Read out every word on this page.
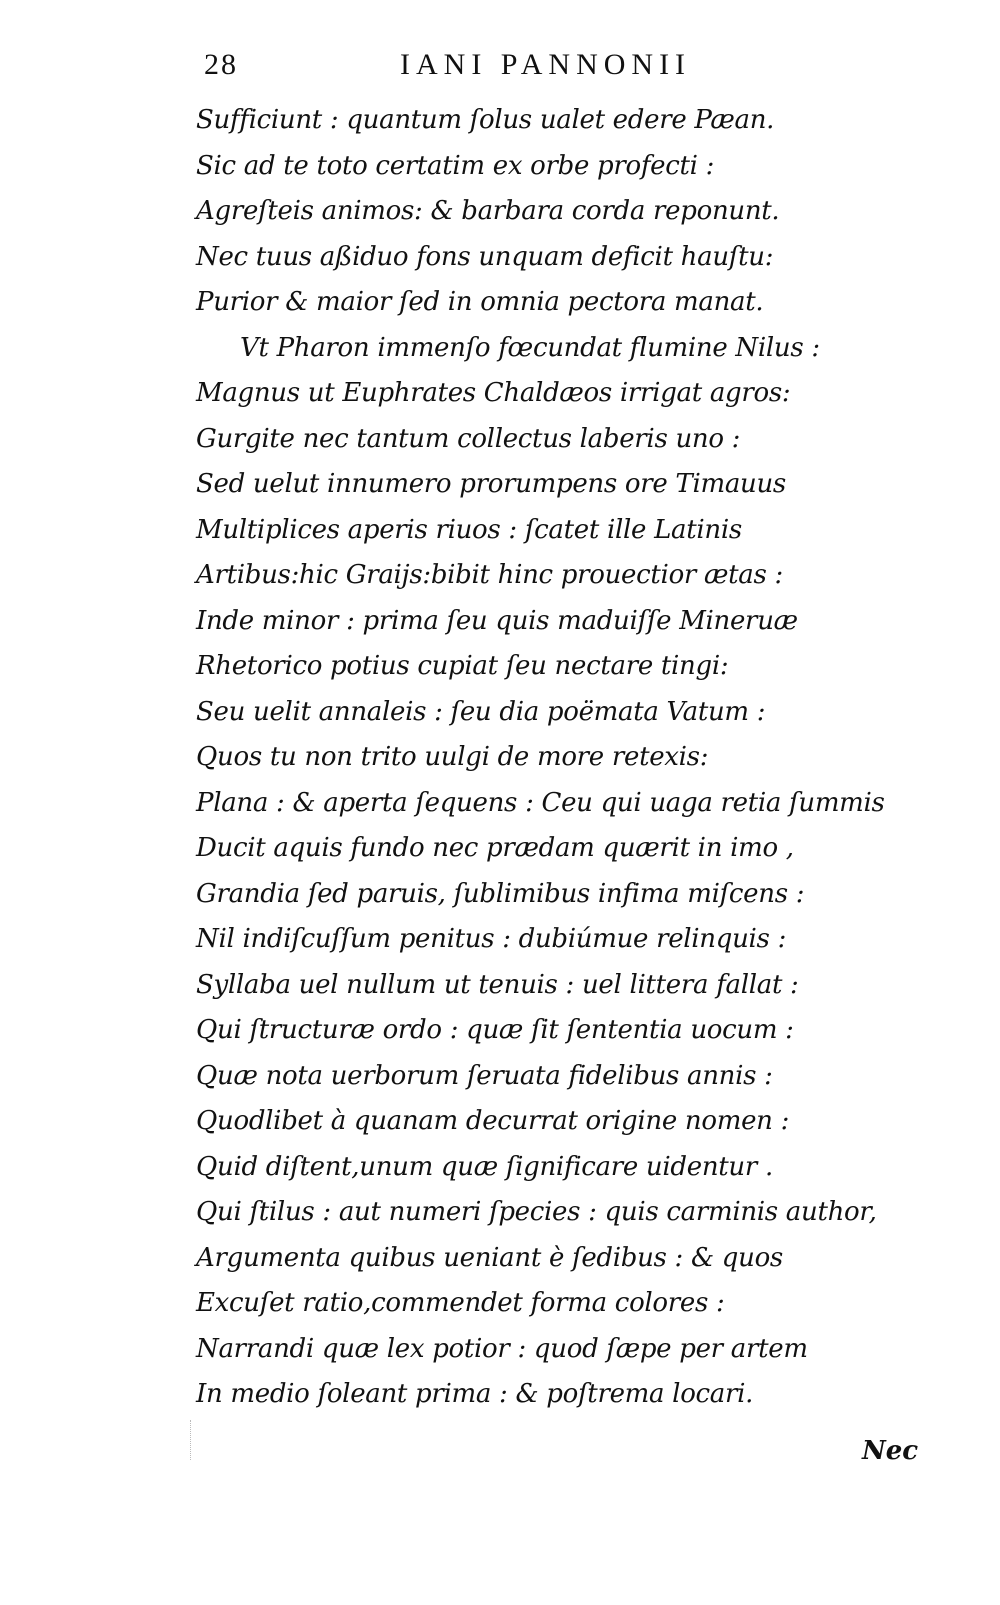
28	IANI PANNONII
Sufficiunt : quantum ſolus ualet edere Pæan.
Sic ad te toto certatim ex orbe profecti :
Agreſteis animos: & barbara corda reponunt.
Nec tuus aßiduo fons unquam deficit hauſtu:
Purior & maior ſed in omnia pectora manat.
Vt Pharon immenſo fœcundat flumine Nilus :
Magnus ut Euphrates Chaldæos irrigat agros:
Gurgite nec tantum collectus laberis uno :
Sed uelut innumero prorumpens ore Timauus
Multiplices aperis riuos : ſcatet ille Latinis
Artibus:hic Graijs:bibit hinc prouectior ætas :
Inde minor : prima ſeu quis maduiſſe Mineruæ
Rhetorico potius cupiat ſeu nectare tingi:
Seu uelit annaleis : ſeu dia poëmata Vatum :
Quos tu non trito uulgi de more retexis:
Plana : & aperta ſequens : Ceu qui uaga retia ſummis
Ducit aquis fundo nec prædam quærit in imo ,
Grandia ſed paruis, ſublimibus infima miſcens :
Nil indiſcuſſum penitus : dubiúmue relinquis :
Syllaba uel nullum ut tenuis : uel littera fallat :
Qui ſtructuræ ordo : quæ ſit ſententia uocum :
Quæ nota uerborum ſeruata fidelibus annis :
Quodlibet à quanam decurrat origine nomen :
Quid diſtent,unum quæ ſignificare uidentur .
Qui ſtilus : aut numeri ſpecies : quis carminis author,
Argumenta quibus ueniant è ſedibus : & quos
Excuſet ratio,commendet forma colores :
Narrandi quæ lex potior : quod ſæpe per artem
In medio ſoleant prima : & poſtrema locari.
Nec
